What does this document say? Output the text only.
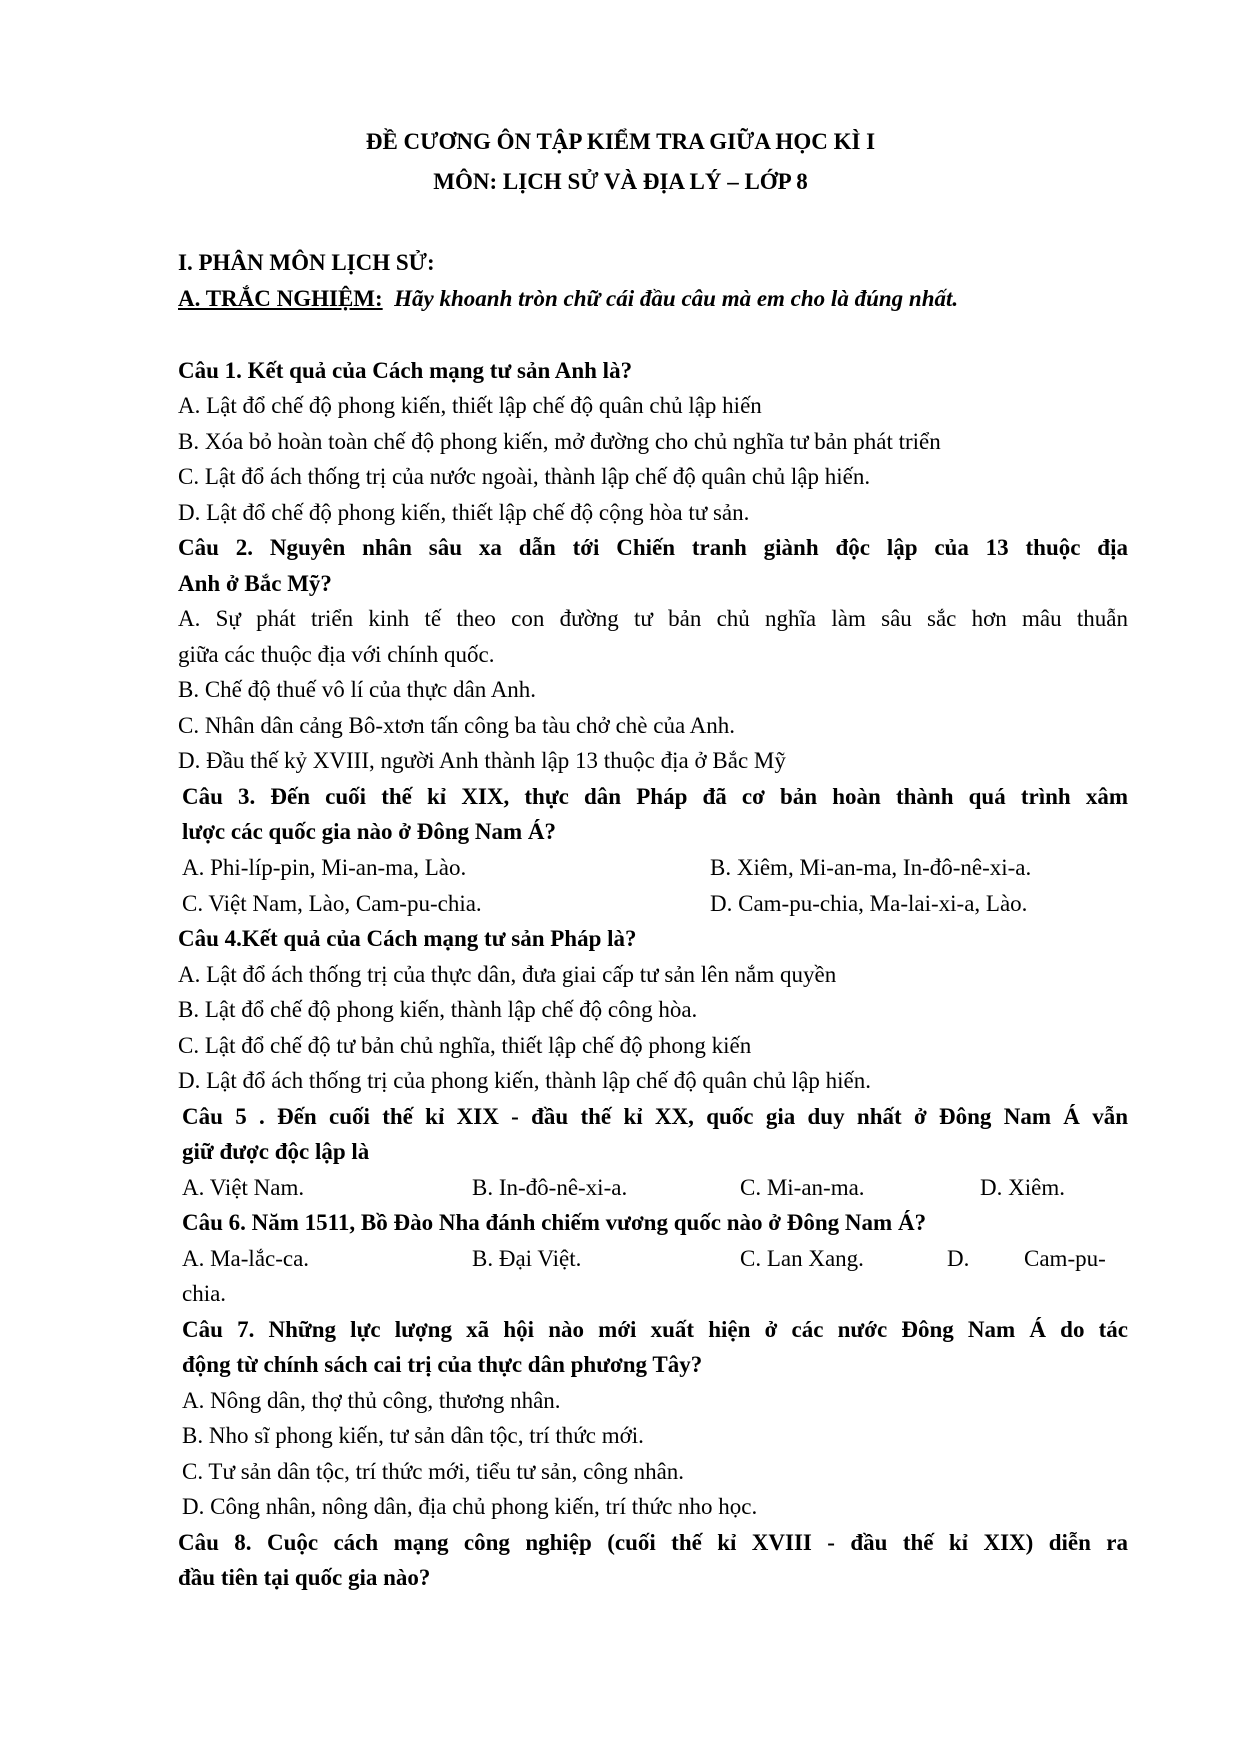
ĐỀ CƯƠNG ÔN TẬP KIỂM TRA GIỮA HỌC KÌ I
MÔN: LỊCH SỬ VÀ ĐỊA LÝ – LỚP 8
I. PHÂN MÔN LỊCH SỬ:
A. TRẮC NGHIỆM: Hãy khoanh tròn chữ cái đầu câu mà em cho là đúng nhất.
Câu 1. Kết quả của Cách mạng tư sản Anh là?
A. Lật đổ chế độ phong kiến, thiết lập chế độ quân chủ lập hiến
B. Xóa bỏ hoàn toàn chế độ phong kiến, mở đường cho chủ nghĩa tư bản phát triển
C. Lật đổ ách thống trị của nước ngoài, thành lập chế độ quân chủ lập hiến.
D. Lật đổ chế độ phong kiến, thiết lập chế độ cộng hòa tư sản.
Câu 2. Nguyên nhân sâu xa dẫn tới Chiến tranh giành độc lập của 13 thuộc địa
Anh ở Bắc Mỹ?
A. Sự phát triển kinh tế theo con đường tư bản chủ nghĩa làm sâu sắc hơn mâu thuẫn
giữa các thuộc địa với chính quốc.
B. Chế độ thuế vô lí của thực dân Anh.
C. Nhân dân cảng Bô-xtơn tấn công ba tàu chở chè của Anh.
D. Đầu thế kỷ XVIII, người Anh thành lập 13 thuộc địa ở Bắc Mỹ
Câu 3. Đến cuối thế kỉ XIX, thực dân Pháp đã cơ bản hoàn thành quá trình xâm
lược các quốc gia nào ở Đông Nam Á?
A. Phi-líp-pin, Mi-an-ma, Lào.	B. Xiêm, Mi-an-ma, In-đô-nê-xi-a.
C. Việt Nam, Lào, Cam-pu-chia.	D. Cam-pu-chia, Ma-lai-xi-a, Lào.
Câu 4.Kết quả của Cách mạng tư sản Pháp là?
A. Lật đổ ách thống trị của thực dân, đưa giai cấp tư sản lên nắm quyền
B. Lật đổ chế độ phong kiến, thành lập chế độ công hòa.
C. Lật đổ chế độ tư bản chủ nghĩa, thiết lập chế độ phong kiến
D. Lật đổ ách thống trị của phong kiến, thành lập chế độ quân chủ lập hiến.
Câu 5 . Đến cuối thế kỉ XIX - đầu thế kỉ XX, quốc gia duy nhất ở Đông Nam Á vẫn
giữ được độc lập là
A. Việt Nam.	B. In-đô-nê-xi-a.	C. Mi-an-ma.	D. Xiêm.
Câu 6. Năm 1511, Bồ Đào Nha đánh chiếm vương quốc nào ở Đông Nam Á?
A. Ma-lắc-ca.	B. Đại Việt.	C. Lan Xang.	D. Cam-pu-
chia.
Câu 7. Những lực lượng xã hội nào mới xuất hiện ở các nước Đông Nam Á do tác
động từ chính sách cai trị của thực dân phương Tây?
A. Nông dân, thợ thủ công, thương nhân.
B. Nho sĩ phong kiến, tư sản dân tộc, trí thức mới.
C. Tư sản dân tộc, trí thức mới, tiểu tư sản, công nhân.
D. Công nhân, nông dân, địa chủ phong kiến, trí thức nho học.
Câu 8. Cuộc cách mạng công nghiệp (cuối thế kỉ XVIII - đầu thế kỉ XIX) diễn ra
đầu tiên tại quốc gia nào?
